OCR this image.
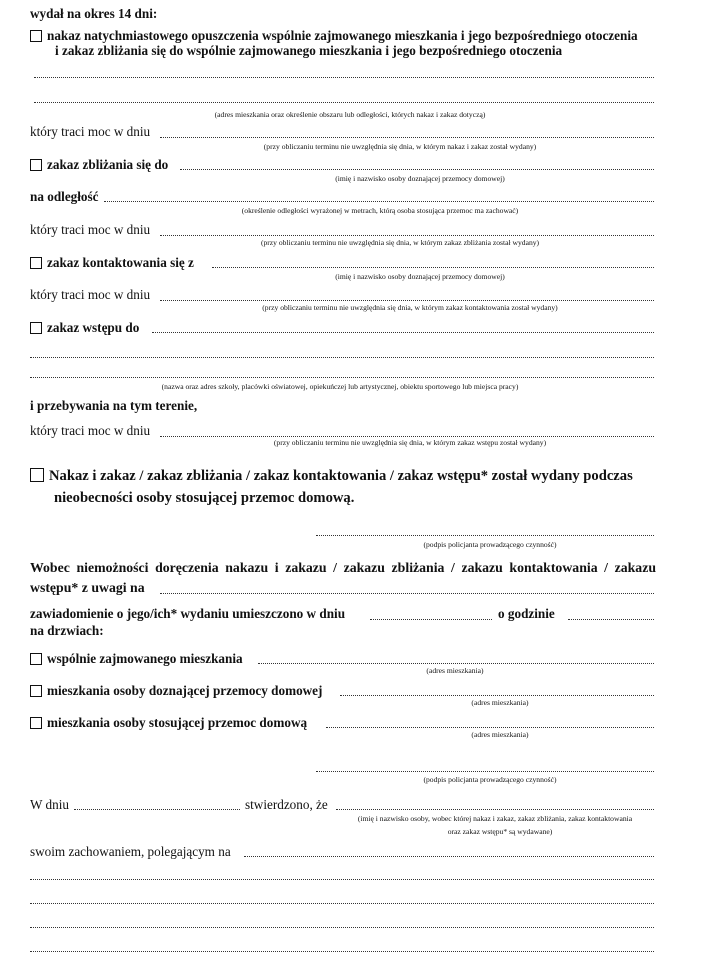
wydał na okres 14 dni:
nakaz natychmiastowego opuszczenia wspólnie zajmowanego mieszkania i jego bezpośredniego otoczenia
i zakaz zbliżania się do wspólnie zajmowanego mieszkania i jego bezpośredniego otoczenia
(adres mieszkania oraz określenie obszaru lub odległości, których nakaz i zakaz dotyczą)
który traci moc w dniu
(przy obliczaniu terminu nie uwzględnia się dnia, w którym nakaz i zakaz został wydany)
zakaz zbliżania się do
(imię i nazwisko osoby doznającej przemocy domowej)
na odległość
(określenie odległości wyrażonej w metrach, którą osoba stosująca przemoc ma zachować)
który traci moc w dniu
(przy obliczaniu terminu nie uwzględnia się dnia, w którym zakaz zbliżania został wydany)
zakaz kontaktowania się z
(imię i nazwisko osoby doznającej przemocy domowej)
który traci moc w dniu
(przy obliczaniu terminu nie uwzględnia się dnia, w którym zakaz kontaktowania został wydany)
zakaz wstępu do
(nazwa oraz adres szkoły, placówki oświatowej, opiekuńczej lub artystycznej, obiektu sportowego lub miejsca pracy)
i przebywania na tym terenie,
który traci moc w dniu
(przy obliczaniu terminu nie uwzględnia się dnia, w którym zakaz wstępu został wydany)
Nakaz i zakaz / zakaz zbliżania / zakaz kontaktowania / zakaz wstępu* został wydany podczas
nieobecności osoby stosującej przemoc domową.
(podpis policjanta prowadzącego czynność)
Wobec niemożności doręczenia nakazu i zakazu / zakazu zbliżania / zakazu kontaktowania / zakazu
wstępu* z uwagi na
zawiadomienie o jego/ich* wydaniu umieszczono w dniu	o godzinie
na drzwiach:
wspólnie zajmowanego mieszkania
(adres mieszkania)
mieszkania osoby doznającej przemocy domowej
(adres mieszkania)
mieszkania osoby stosującej przemoc domową
(adres mieszkania)
(podpis policjanta prowadzącego czynność)
W dniu	stwierdzono, że
(imię i nazwisko osoby, wobec której nakaz i zakaz, zakaz zbliżania, zakaz kontaktowania
oraz zakaz wstępu* są wydawane)
swoim zachowaniem, polegającym na
